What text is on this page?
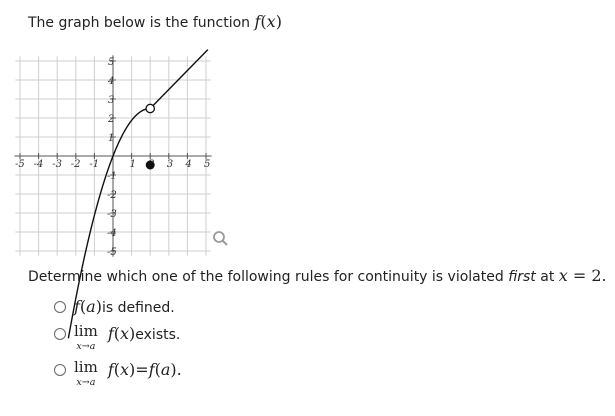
The graph below is the function f(x)
-5 -4 -3 -2 -1	1	3 4 5
5
4
3
2
1
-1
-2
-3
-4
-5
Determine which one of the following rules for continuity is violated first at x = 2.
f ( a ) is defined.
lim
x→a
f ( x ) exists.
lim
x→a
f ( x ) = f ( a ) .
